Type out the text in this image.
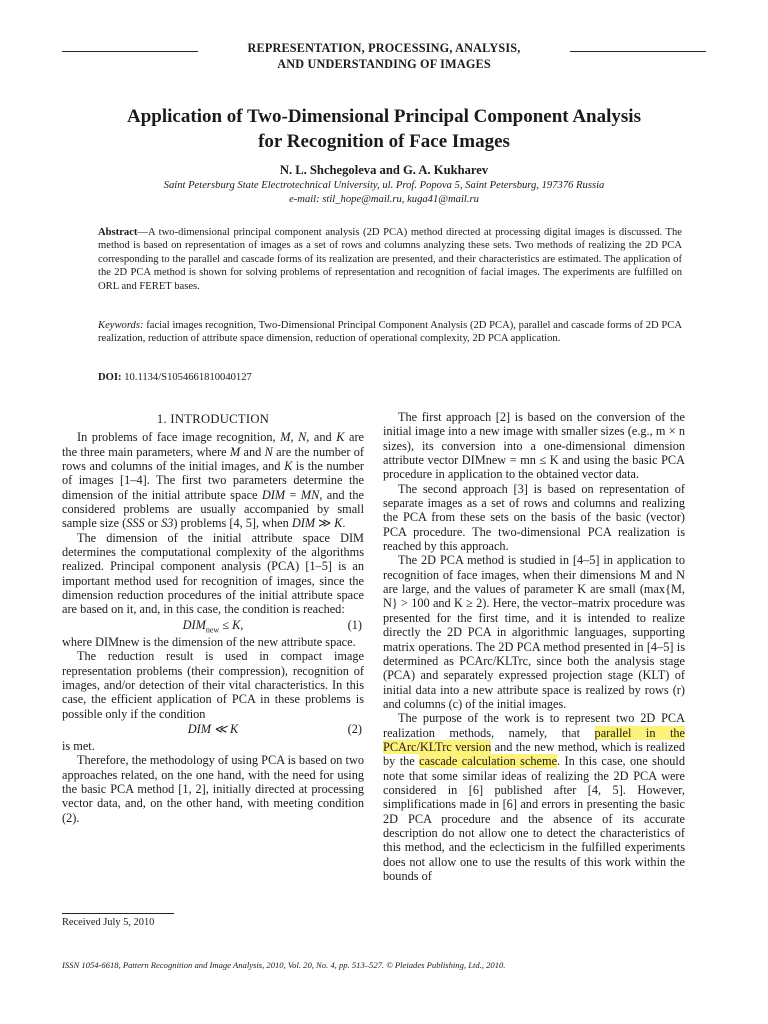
REPRESENTATION, PROCESSING, ANALYSIS,
AND UNDERSTANDING OF IMAGES
Application of Two-Dimensional Principal Component Analysis
for Recognition of Face Images
N. L. Shchegoleva and G. A. Kukharev
Saint Petersburg State Electrotechnical University, ul. Prof. Popova 5, Saint Petersburg, 197376 Russia
e-mail: stil_hope@mail.ru, kuga41@mail.ru
Abstract—A two-dimensional principal component analysis (2D PCA) method directed at processing digital images is discussed. The method is based on representation of images as a set of rows and columns analyzing these sets. Two methods of realizing the 2D PCA corresponding to the parallel and cascade forms of its realization are presented, and their characteristics are estimated. The application of the 2D PCA method is shown for solving problems of representation and recognition of facial images. The experiments are fulfilled on ORL and FERET bases.
Keywords: facial images recognition, Two-Dimensional Principal Component Analysis (2D PCA), parallel and cascade forms of 2D PCA realization, reduction of attribute space dimension, reduction of operational complexity, 2D PCA application.
DOI: 10.1134/S1054661810040127

1. INTRODUCTION

In problems of face image recognition, M, N, and K are the three main parameters, where M and N are the number of rows and columns of the initial images, and K is the number of images [1–4]. The first two parameters determine the dimension of the initial attribute space DIM = MN, and the considered problems are usually accompanied by small sample size (SSS or S3) problems [4, 5], when DIM ≫ K.

The dimension of the initial attribute space DIM determines the computational complexity of the algorithms realized. Principal component analysis (PCA) [1–5] is an important method used for recognition of images, since the dimension reduction procedures of the initial attribute space are based on it, and, in this case, the condition is reached:

$DIM_{new} \le K$,	(1)

where DIMnew is the dimension of the new attribute space.

The reduction result is used in compact image representation problems (their compression), recognition of images, and/or detection of their vital characteristics. In this case, the efficient application of PCA in these problems is possible only if the condition

DIM ≪ K	(2)

is met.

Therefore, the methodology of using PCA is based on two approaches related, on the one hand, with the need for using the basic PCA method [1, 2], initially directed at processing vector data, and, on the other hand, with meeting condition (2).

The first approach [2] is based on the conversion of the initial image into a new image with smaller sizes (e.g., m × n sizes), its conversion into a one-dimensional dimension attribute vector DIMnew = mn ≤ K and using the basic PCA procedure in application to the obtained vector data.

The second approach [3] is based on representation of separate images as a set of rows and columns and realizing the PCA from these sets on the basis of the basic (vector) PCA procedure. The two-dimensional PCA realization is reached by this approach.

The 2D PCA method is studied in [4–5] in application to recognition of face images, when their dimensions M and N are large, and the values of parameter K are small (max{M, N} > 100 and K ≥ 2). Here, the vector–matrix procedure was presented for the first time, and it is intended to realize directly the 2D PCA in algorithmic languages, supporting matrix operations. The 2D PCA method presented in [4–5] is determined as PCArc/KLTrc, since both the analysis stage (PCA) and separately expressed projection stage (KLT) of initial data into a new attribute space is realized by rows (r) and columns (c) of the initial images.

The purpose of the work is to represent two 2D PCA realization methods, namely, that parallel in the PCArc/KLTrc version and the new method, which is realized by the cascade calculation scheme. In this case, one should note that some similar ideas of realizing the 2D PCA were considered in [6] published after [4, 5]. However, simplifications made in [6] and errors in presenting the basic 2D PCA procedure and the absence of its accurate description do not allow one to detect the characteristics of this method, and the eclecticism in the fulfilled experiments does not allow one to use the results of this work within the bounds of

Received July 5, 2010
ISSN 1054-6618, Pattern Recognition and Image Analysis, 2010, Vol. 20, No. 4, pp. 513–527. © Pleiades Publishing, Ltd., 2010.
